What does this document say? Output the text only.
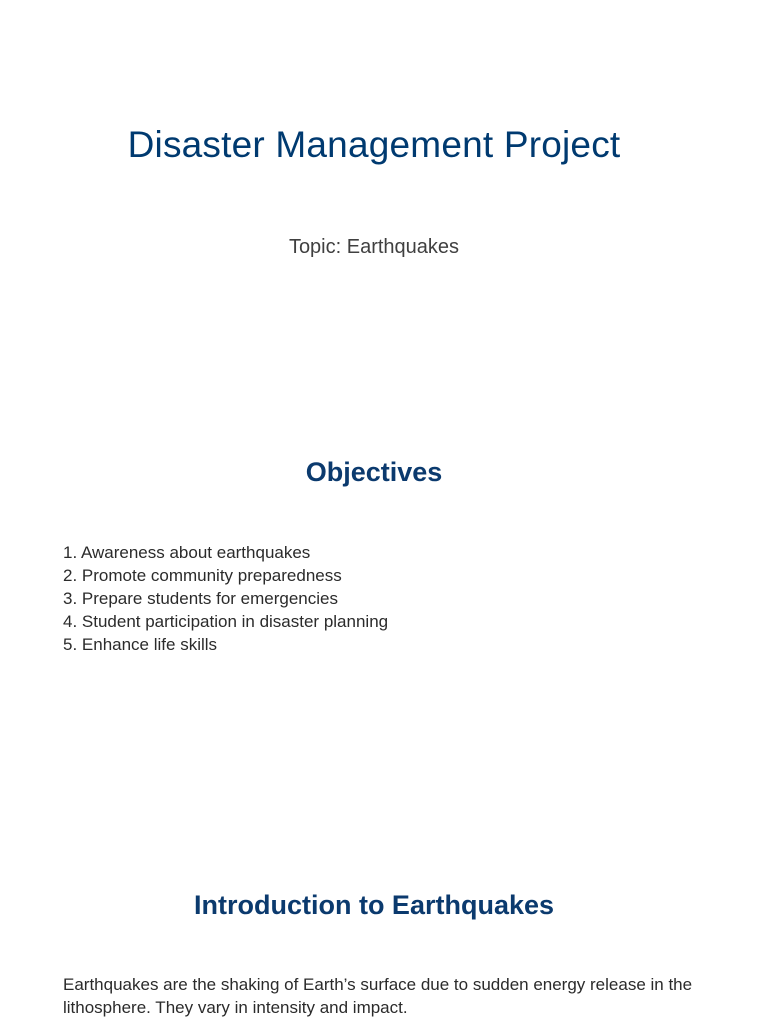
Disaster Management Project

Topic: Earthquakes

Objectives
1. Awareness about earthquakes
2. Promote community preparedness
3. Prepare students for emergencies
4. Student participation in disaster planning
5. Enhance life skills
Introduction to Earthquakes

Earthquakes are the shaking of Earth’s surface due to sudden energy release in the lithosphere. They vary in intensity and impact.
